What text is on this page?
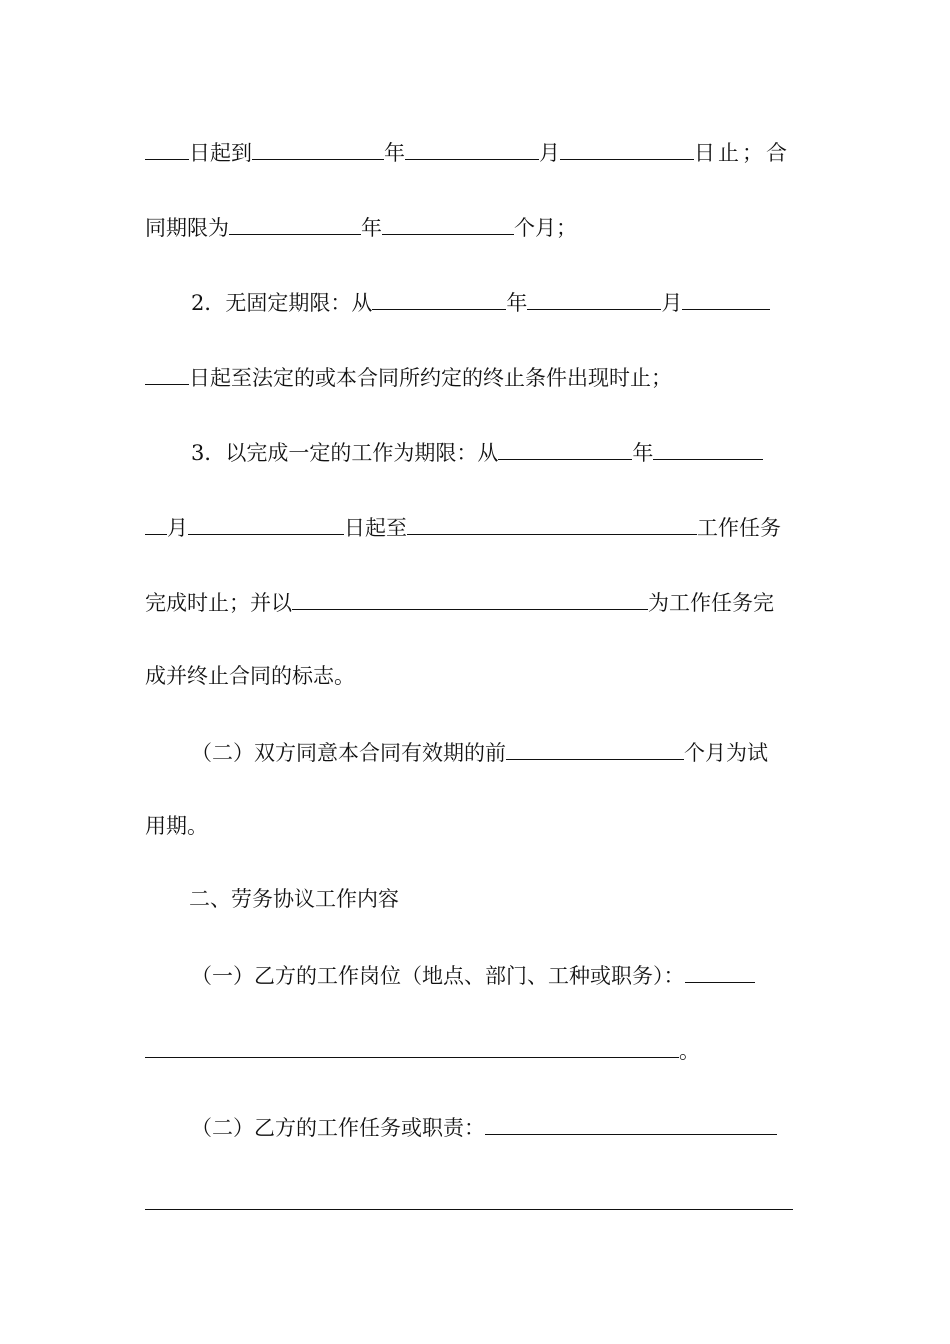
日起到	年	月	日止；合
同期限为	年	个月；
2．无固定期限：从	年	月
日起至法定的或本合同所约定的终止条件出现时止；
3．以完成一定的工作为期限：从	年
月	日起至	工作任务
完成时止；并以	为工作任务完
成并终止合同的标志。
（二）双方同意本合同有效期的前	个月为试
用期。
二、劳务协议工作内容
（一）乙方的工作岗位（地点、部门、工种或职务）：
。
（二）乙方的工作任务或职责：
